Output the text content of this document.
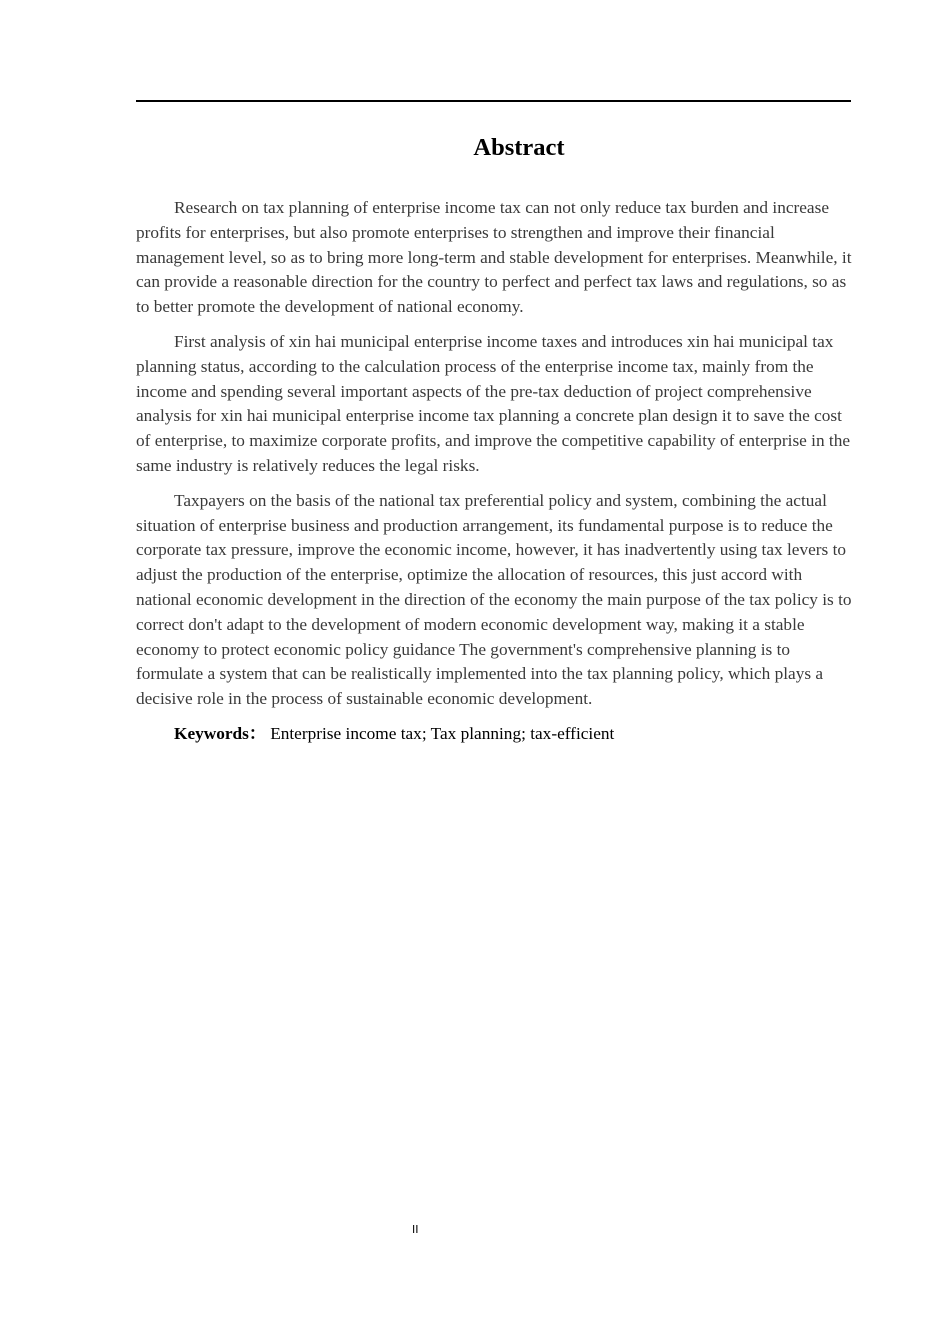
Abstract

Research on tax planning of enterprise income tax can not only reduce tax burden and increase profits for enterprises, but also promote enterprises to strengthen and improve their financial management level, so as to bring more long-term and stable development for enterprises. Meanwhile, it can provide a reasonable direction for the country to perfect and perfect tax laws and regulations, so as to better promote the development of national economy.

First analysis of xin hai municipal enterprise income taxes and introduces xin hai municipal tax planning status, according to the calculation process of the enterprise income tax, mainly from the income and spending several important aspects of the pre-tax deduction of project comprehensive analysis for xin hai municipal enterprise income tax planning a concrete plan design it to save the cost of enterprise, to maximize corporate profits, and improve the competitive capability of enterprise in the same industry is relatively reduces the legal risks.

Taxpayers on the basis of the national tax preferential policy and system, combining the actual situation of enterprise business and production arrangement, its fundamental purpose is to reduce the corporate tax pressure, improve the economic income, however, it has inadvertently using tax levers to adjust the production of the enterprise, optimize the allocation of resources, this just accord with national economic development in the direction of the economy the main purpose of the tax policy is to correct don't adapt to the development of modern economic development way, making it a stable economy to protect economic policy guidance The government's comprehensive planning is to formulate a system that can be realistically implemented into the tax planning policy, which plays a decisive role in the process of sustainable economic development.

Keywords： Enterprise income tax; Tax planning; tax-efficient

II
